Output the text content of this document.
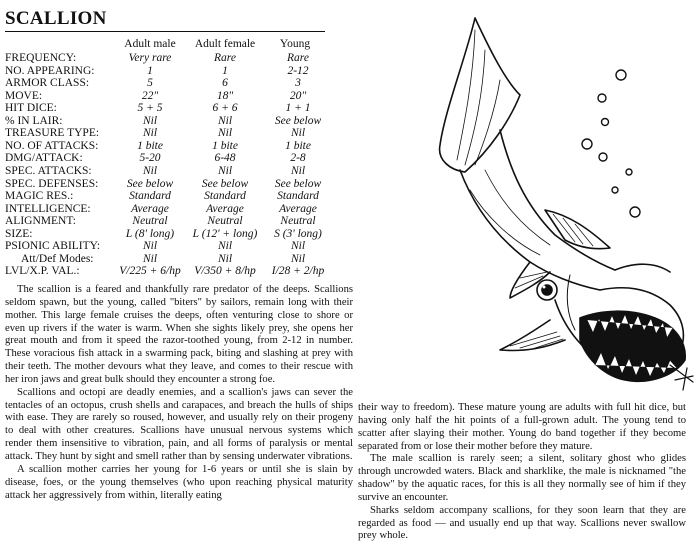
SCALLION
Adult male	Adult female	Young
FREQUENCY:	Very rare	Rare	Rare
NO. APPEARING:	1	1	2-12
ARMOR CLASS:	5	6	3
MOVE:	22"	18"	20"
HIT DICE:	5 + 5	6 + 6	1 + 1
% IN LAIR:	Nil	Nil	See below
TREASURE TYPE:	Nil	Nil	Nil
NO. OF ATTACKS:	1 bite	1 bite	1 bite
DMG/ATTACK:	5-20	6-48	2-8
SPEC. ATTACKS:	Nil	Nil	Nil
SPEC. DEFENSES:	See below	See below	See below
MAGIC RES.:	Standard	Standard	Standard
INTELLIGENCE:	Average	Average	Average
ALIGNMENT:	Neutral	Neutral	Neutral
SIZE:	L (8' long)	L (12' + long)	S (3' long)
PSIONIC ABILITY:	Nil	Nil	Nil
Att/Def Modes:	Nil	Nil	Nil
LVL/X.P. VAL.:	V/225 + 6/hp	V/350 + 8/hp	I/28 + 2/hp

The scallion is a feared and thankfully rare predator of the deeps. Scallions seldom spawn, but the young, called "biters" by sailors, remain long with their mother. This large female cruises the deeps, often venturing close to shore or even up rivers if the water is warm. When she sights likely prey, she opens her great mouth and from it speed the razor-toothed young, from 2-12 in number. These voracious fish attack in a swarming pack, biting and slashing at prey with their teeth. The mother devours what they leave, and comes to their rescue with her iron jaws and great bulk should they encounter a strong foe.

Scallions and octopi are deadly enemies, and a scallion's jaws can sever the tentacles of an octopus, crush shells and carapaces, and breach the hulls of ships with ease. They are rarely so roused, however, and usually rely on their progeny to deal with other creatures. Scallions have unusual nervous systems which render them insensitive to vibration, pain, and all forms of paralysis or mental attack. They hunt by sight and smell rather than by sensing underwater vibrations.

A scallion mother carries her young for 1-6 years or until she is slain by disease, foes, or the young themselves (who upon reaching physical maturity attack her aggressively from within, literally eating

their way to freedom). These mature young are adults with full hit dice, but having only half the hit points of a full-grown adult. The young tend to scatter after slaying their mother. Young do band together if they become separated from or lose their mother before they mature.

The male scallion is rarely seen; a silent, solitary ghost who glides through uncrowded waters. Black and sharklike, the male is nicknamed "the shadow" by the aquatic races, for this is all they normally see of him if they survive an encounter.

Sharks seldom accompany scallions, for they soon learn that they are regarded as food — and usually end up that way. Scallions never swallow prey whole.
